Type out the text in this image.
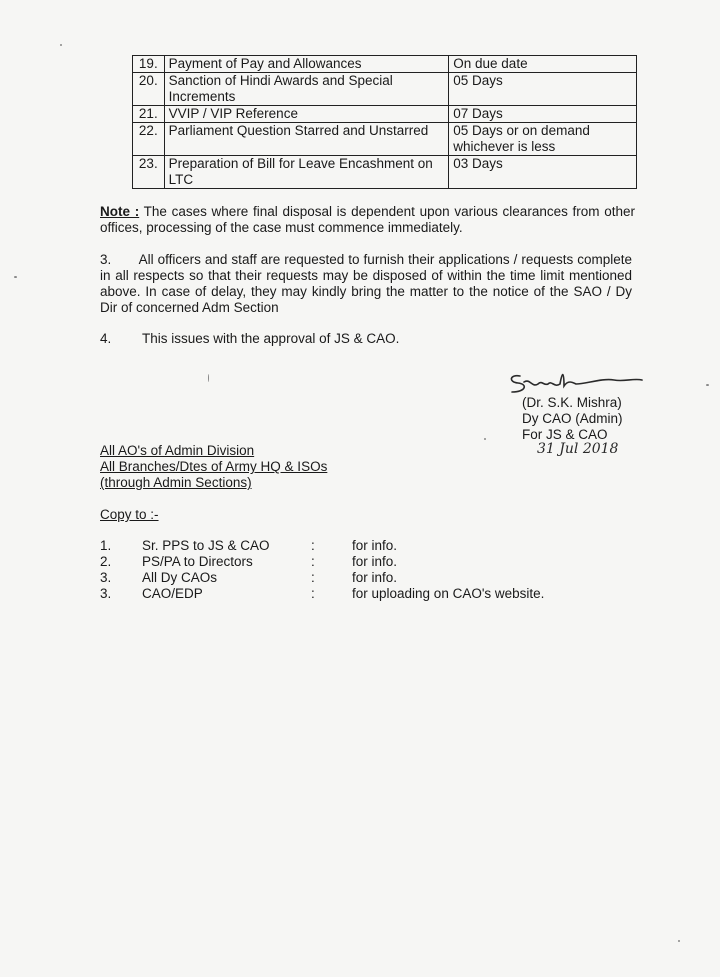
19.	Payment of Pay and Allowances	On due date
20.	Sanction of Hindi Awards and Special Increments	05 Days
21.	VVIP / VIP Reference	07 Days
22.	Parliament Question Starred and Unstarred	05 Days or on demand whichever is less
23.	Preparation of Bill for Leave Encashment on LTC	03 Days
Note : The cases where final disposal is dependent upon various clearances from other offices, processing of the case must commence immediately.
3. All officers and staff are requested to furnish their applications / requests complete in all respects so that their requests may be disposed of within the time limit mentioned above. In case of delay, they may kindly bring the matter to the notice of the SAO / Dy Dir of concerned Adm Section
4. This issues with the approval of JS & CAO.
(Dr. S.K. Mishra)
Dy CAO (Admin)
For JS & CAO
31 Jul 2018
All AO's of Admin Division
All Branches/Dtes of Army HQ & ISOs
(through Admin Sections)
Copy to :-
1. Sr. PPS to JS & CAO	:	for info.
2. PS/PA to Directors	:	for info.
3. All Dy CAOs	:	for info.
3. CAO/EDP	:	for uploading on CAO's website.
